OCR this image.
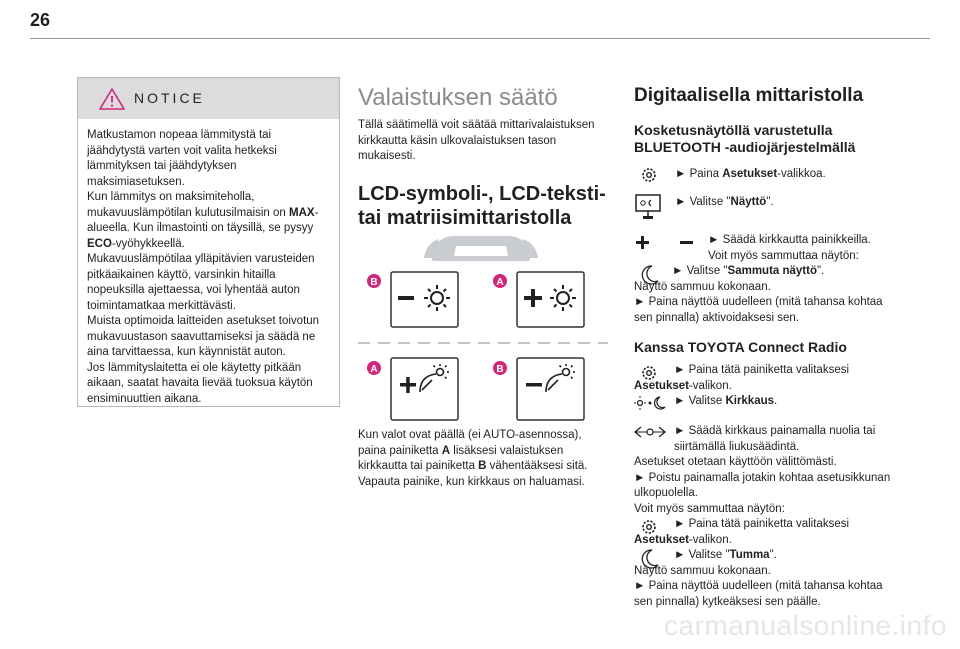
26
NOTICE

Matkustamon nopeaa lämmitystä tai jäähdytystä varten voit valita hetkeksi lämmityksen tai jäähdytyksen maksimiasetuksen.

Kun lämmitys on maksimiteholla, mukavuuslämpötilan kulutusilmaisin on MAX-alueella. Kun ilmastointi on täysillä, se pysyy ECO-vyöhykkeellä.

Mukavuuslämpötilaa ylläpitävien varusteiden pitkäaikainen käyttö, varsinkin hitailla nopeuksilla ajettaessa, voi lyhentää auton toimintamatkaa merkittävästi.

Muista optimoida laitteiden asetukset toivotun mukavuustason saavuttamiseksi ja säädä ne aina tarvittaessa, kun käynnistät auton.

Jos lämmityslaitetta ei ole käytetty pitkään aikaan, saatat havaita lievää tuoksua käytön ensiminuuttien aikana.

Valaistuksen säätö
Tällä säätimellä voit säätää mittarivalaistuksen kirkkautta käsin ulkovalaistuksen tason mukaisesti.
LCD-symboli-, LCD-teksti- tai matriisimittaristolla
B	A
A	B
Kun valot ovat päällä (ei AUTO-asennossa), paina painiketta A lisäksesi valaistuksen kirkkautta tai painiketta B vähentääksesi sitä. Vapauta painike, kun kirkkaus on haluamasi.
Digitaalisella mittaristolla
Kosketusnäytöllä varustetulla BLUETOOTH -audiojärjestelmällä
► Paina Asetukset-valikkoa.
► Valitse "Näyttö".
► Säädä kirkkautta painikkeilla.
Voit myös sammuttaa näytön:
► Valitse "Sammuta näyttö".
Näyttö sammuu kokonaan.
► Paina näyttöä uudelleen (mitä tahansa kohtaa sen pinnalla) aktivoidaksesi sen.
Kanssa TOYOTA Connect Radio
► Paina tätä painiketta valitaksesi
Asetukset-valikon.
► Valitse Kirkkaus.
► Säädä kirkkaus painamalla nuolia tai siirtämällä liukusäädintä.
Asetukset otetaan käyttöön välittömästi.
► Poistu painamalla jotakin kohtaa asetusikkunan ulkopuolella.
Voit myös sammuttaa näytön:
► Paina tätä painiketta valitaksesi
Asetukset-valikon.
► Valitse "Tumma".
Näyttö sammuu kokonaan.
► Paina näyttöä uudelleen (mitä tahansa kohtaa sen pinnalla) kytkeäksesi sen päälle.
carmanualsonline.info
